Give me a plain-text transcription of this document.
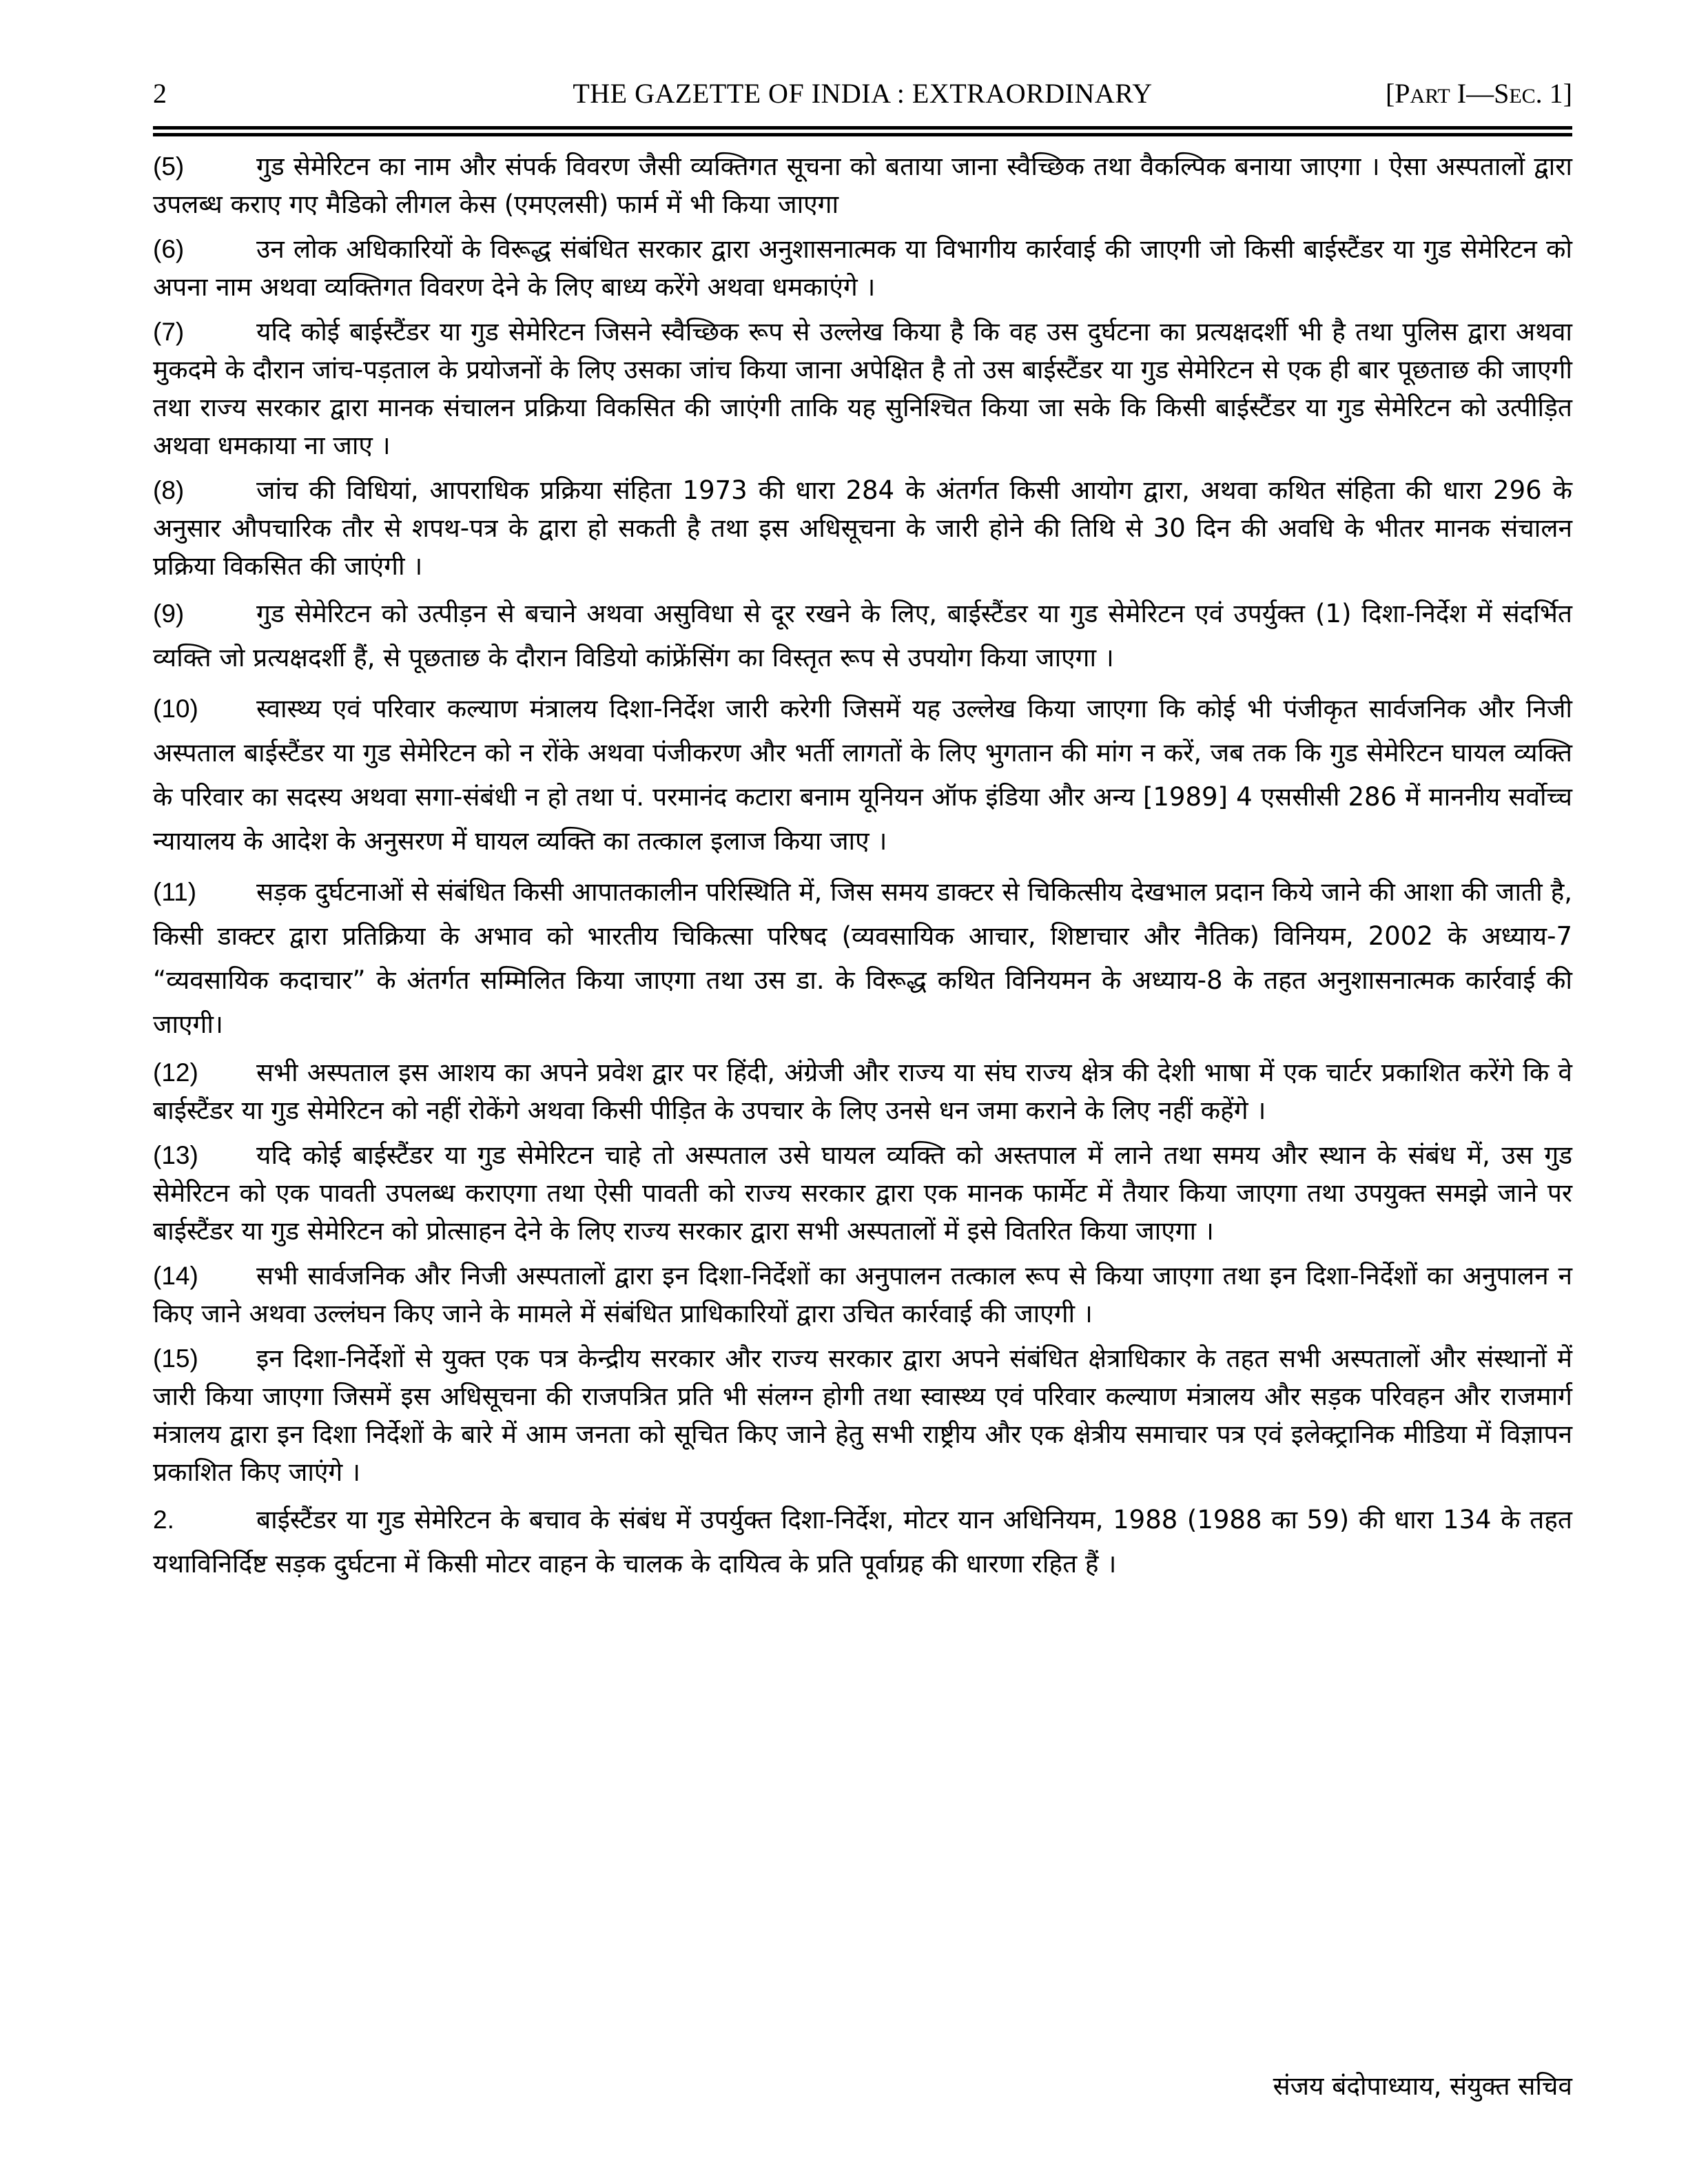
2	THE GAZETTE OF INDIA : EXTRAORDINARY	[PART I—SEC. 1]

(5)	गुड सेमेरिटन का नाम और संपर्क विवरण जैसी व्यक्तिगत सूचना को बताया जाना स्वैच्छिक तथा वैकल्पिक बनाया जाएगा । ऐसा अस्पतालों द्वारा उपलब्ध कराए गए मैडिको लीगल केस (एमएलसी) फार्म में भी किया जाएगा

(6)	उन लोक अधिकारियों के विरूद्ध संबंधित सरकार द्वारा अनुशासनात्मक या विभागीय कार्रवाई की जाएगी जो किसी बाईस्टैंडर या गुड सेमेरिटन को अपना नाम अथवा व्यक्तिगत विवरण देने के लिए बाध्य करेंगे अथवा धमकाएंगे ।

(7)	यदि कोई बाईस्टैंडर या गुड सेमेरिटन जिसने स्वैच्छिक रूप से उल्लेख किया है कि वह उस दुर्घटना का प्रत्यक्षदर्शी भी है तथा पुलिस द्वारा अथवा मुकदमे के दौरान जांच-पड़ताल के प्रयोजनों के लिए उसका जांच किया जाना अपेक्षित है तो उस बाईस्टैंडर या गुड सेमेरिटन से एक ही बार पूछताछ की जाएगी तथा राज्य सरकार द्वारा मानक संचालन प्रक्रिया विकसित की जाएंगी ताकि यह सुनिश्चित किया जा सके कि किसी बाईस्टैंडर या गुड सेमेरिटन को उत्पीड़ित अथवा धमकाया ना जाए ।

(8)	जांच की विधियां, आपराधिक प्रक्रिया संहिता 1973 की धारा 284 के अंतर्गत किसी आयोग द्वारा, अथवा कथित संहिता की धारा 296 के अनुसार औपचारिक तौर से शपथ-पत्र के द्वारा हो सकती है तथा इस अधिसूचना के जारी होने की तिथि से 30 दिन की अवधि के भीतर मानक संचालन प्रक्रिया विकसित की जाएंगी ।

(9)	गुड सेमेरिटन को उत्पीड़न से बचाने अथवा असुविधा से दूर रखने के लिए, बाईस्टैंडर या गुड सेमेरिटन एवं उपर्युक्त (1) दिशा-निर्देश में संदर्भित व्यक्ति जो प्रत्यक्षदर्शी हैं, से पूछताछ के दौरान विडियो कांफ्रेंसिंग का विस्तृत रूप से उपयोग किया जाएगा ।

(10) स्वास्थ्य एवं परिवार कल्याण मंत्रालय दिशा-निर्देश जारी करेगी जिसमें यह उल्लेख किया जाएगा कि कोई भी पंजीकृत सार्वजनिक और निजी अस्पताल बाईस्टैंडर या गुड सेमेरिटन को न रोंके अथवा पंजीकरण और भर्ती लागतों के लिए भुगतान की मांग न करें, जब तक कि गुड सेमेरिटन घायल व्यक्ति के परिवार का सदस्य अथवा सगा-संबंधी न हो तथा पं. परमानंद कटारा बनाम यूनियन ऑफ इंडिया और अन्य [1989] 4 एससीसी 286 में माननीय सर्वोच्च न्यायालय के आदेश के अनुसरण में घायल व्यक्ति का तत्काल इलाज किया जाए ।

(11) सड़क दुर्घटनाओं से संबंधित किसी आपातकालीन परिस्थिति में, जिस समय डाक्टर से चिकित्सीय देखभाल प्रदान किये जाने की आशा की जाती है, किसी डाक्टर द्वारा प्रतिक्रिया के अभाव को भारतीय चिकित्सा परिषद (व्यवसायिक आचार, शिष्टाचार और नैतिक) विनियम, 2002 के अध्याय-7 “व्यवसायिक कदाचार” के अंतर्गत सम्मिलित किया जाएगा तथा उस डा. के विरूद्ध कथित विनियमन के अध्याय-8 के तहत अनुशासनात्मक कार्रवाई की जाएगी।

(12) सभी अस्पताल इस आशय का अपने प्रवेश द्वार पर हिंदी, अंग्रेजी और राज्य या संघ राज्य क्षेत्र की देशी भाषा में एक चार्टर प्रकाशित करेंगे कि वे बाईस्टैंडर या गुड सेमेरिटन को नहीं रोकेंगे अथवा किसी पीड़ित के उपचार के लिए उनसे धन जमा कराने के लिए नहीं कहेंगे ।

(13) यदि कोई बाईस्टैंडर या गुड सेमेरिटन चाहे तो अस्पताल उसे घायल व्यक्ति को अस्तपाल में लाने तथा समय और स्थान के संबंध में, उस गुड सेमेरिटन को एक पावती उपलब्ध कराएगा तथा ऐसी पावती को राज्य सरकार द्वारा एक मानक फार्मेट में तैयार किया जाएगा तथा उपयुक्त समझे जाने पर बाईस्टैंडर या गुड सेमेरिटन को प्रोत्साहन देने के लिए राज्य सरकार द्वारा सभी अस्पतालों में इसे वितरित किया जाएगा ।

(14) सभी सार्वजनिक और निजी अस्पतालों द्वारा इन दिशा-निर्देशों का अनुपालन तत्काल रूप से किया जाएगा तथा इन दिशा-निर्देशों का अनुपालन न किए जाने अथवा उल्लंघन किए जाने के मामले में संबंधित प्राधिकारियों द्वारा उचित कार्रवाई की जाएगी ।

(15) इन दिशा-निर्देशों से युक्त एक पत्र केन्द्रीय सरकार और राज्य सरकार द्वारा अपने संबंधित क्षेत्राधिकार के तहत सभी अस्पतालों और संस्थानों में जारी किया जाएगा जिसमें इस अधिसूचना की राजपत्रित प्रति भी संलग्न होगी तथा स्वास्थ्य एवं परिवार कल्याण मंत्रालय और सड़क परिवहन और राजमार्ग मंत्रालय द्वारा इन दिशा निर्देशों के बारे में आम जनता को सूचित किए जाने हेतु सभी राष्ट्रीय और एक क्षेत्रीय समाचार पत्र एवं इलेक्ट्रानिक मीडिया में विज्ञापन प्रकाशित किए जाएंगे ।

2.	बाईस्टैंडर या गुड सेमेरिटन के बचाव के संबंध में उपर्युक्त दिशा-निर्देश, मोटर यान अधिनियम, 1988 (1988 का 59) की धारा 134 के तहत यथाविनिर्दिष्ट सड़क दुर्घटना में किसी मोटर वाहन के चालक के दायित्व के प्रति पूर्वाग्रह की धारणा रहित हैं ।

संजय बंदोपाध्याय, संयुक्त सचिव
